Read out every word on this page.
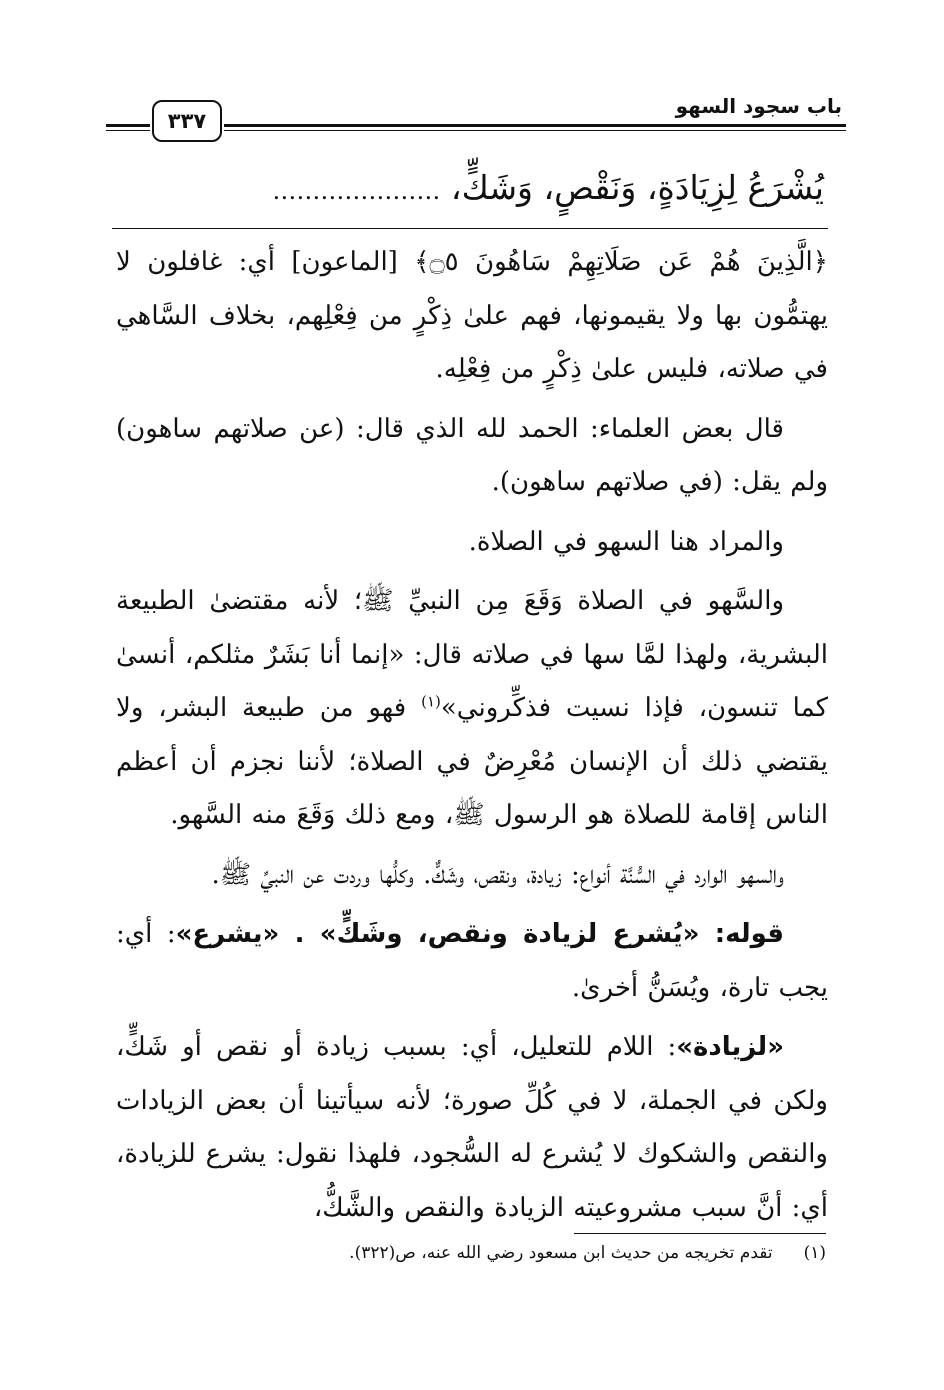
باب سجود السهو
٣٣٧
يُشْرَعُ لِزِيَادَةٍ، وَنَقْصٍ، وَشَكٍّ، …………………

﴿الَّذِينَ هُمْ عَن صَلَاتِهِمْ سَاهُونَ ۝٥﴾ [الماعون] أي: غافلون لا يهتمُّون بها ولا يقيمونها، فهم علىٰ ذِكْرٍ من فِعْلِهم، بخلاف السَّاهي في صلاته، فليس علىٰ ذِكْرٍ من فِعْلِه.

قال بعض العلماء: الحمد لله الذي قال: (عن صلاتهم ساهون) ولم يقل: (في صلاتهم ساهون).

والمراد هنا السهو في الصلاة.

والسَّهو في الصلاة وَقَعَ مِن النبيِّ ﷺ؛ لأنه مقتضىٰ الطبيعة البشرية، ولهذا لمَّا سها في صلاته قال: «إنما أنا بَشَرٌ مثلكم، أنسىٰ كما تنسون، فإذا نسيت فذكِّروني»$^{(١)}$ فهو من طبيعة البشر، ولا يقتضي ذلك أن الإنسان مُعْرِضٌ في الصلاة؛ لأننا نجزم أن أعظم الناس إقامة للصلاة هو الرسول ﷺ، ومع ذلك وَقَعَ منه السَّهو.

والسهو الوارد في السُّنَّة أنواع: زيادة، ونقص، وشَكٌّ. وكلُّها وردت عن النبيِّ ﷺ.

قوله: «يُشرع لزيادة ونقص، وشَكٍّ» . «يشرع»: أي: يجب تارة، ويُسَنُّ أخرىٰ.

«لزيادة»: اللام للتعليل، أي: بسبب زيادة أو نقص أو شَكٍّ، ولكن في الجملة، لا في كُلِّ صورة؛ لأنه سيأتينا أن بعض الزيادات والنقص والشكوك لا يُشرع له السُّجود، فلهذا نقول: يشرع للزيادة، أي: أنَّ سبب مشروعيته الزيادة والنقص والشَّكُّ،

(١) تقدم تخريجه من حديث ابن مسعود رضي الله عنه، ص(٣٢٢).
